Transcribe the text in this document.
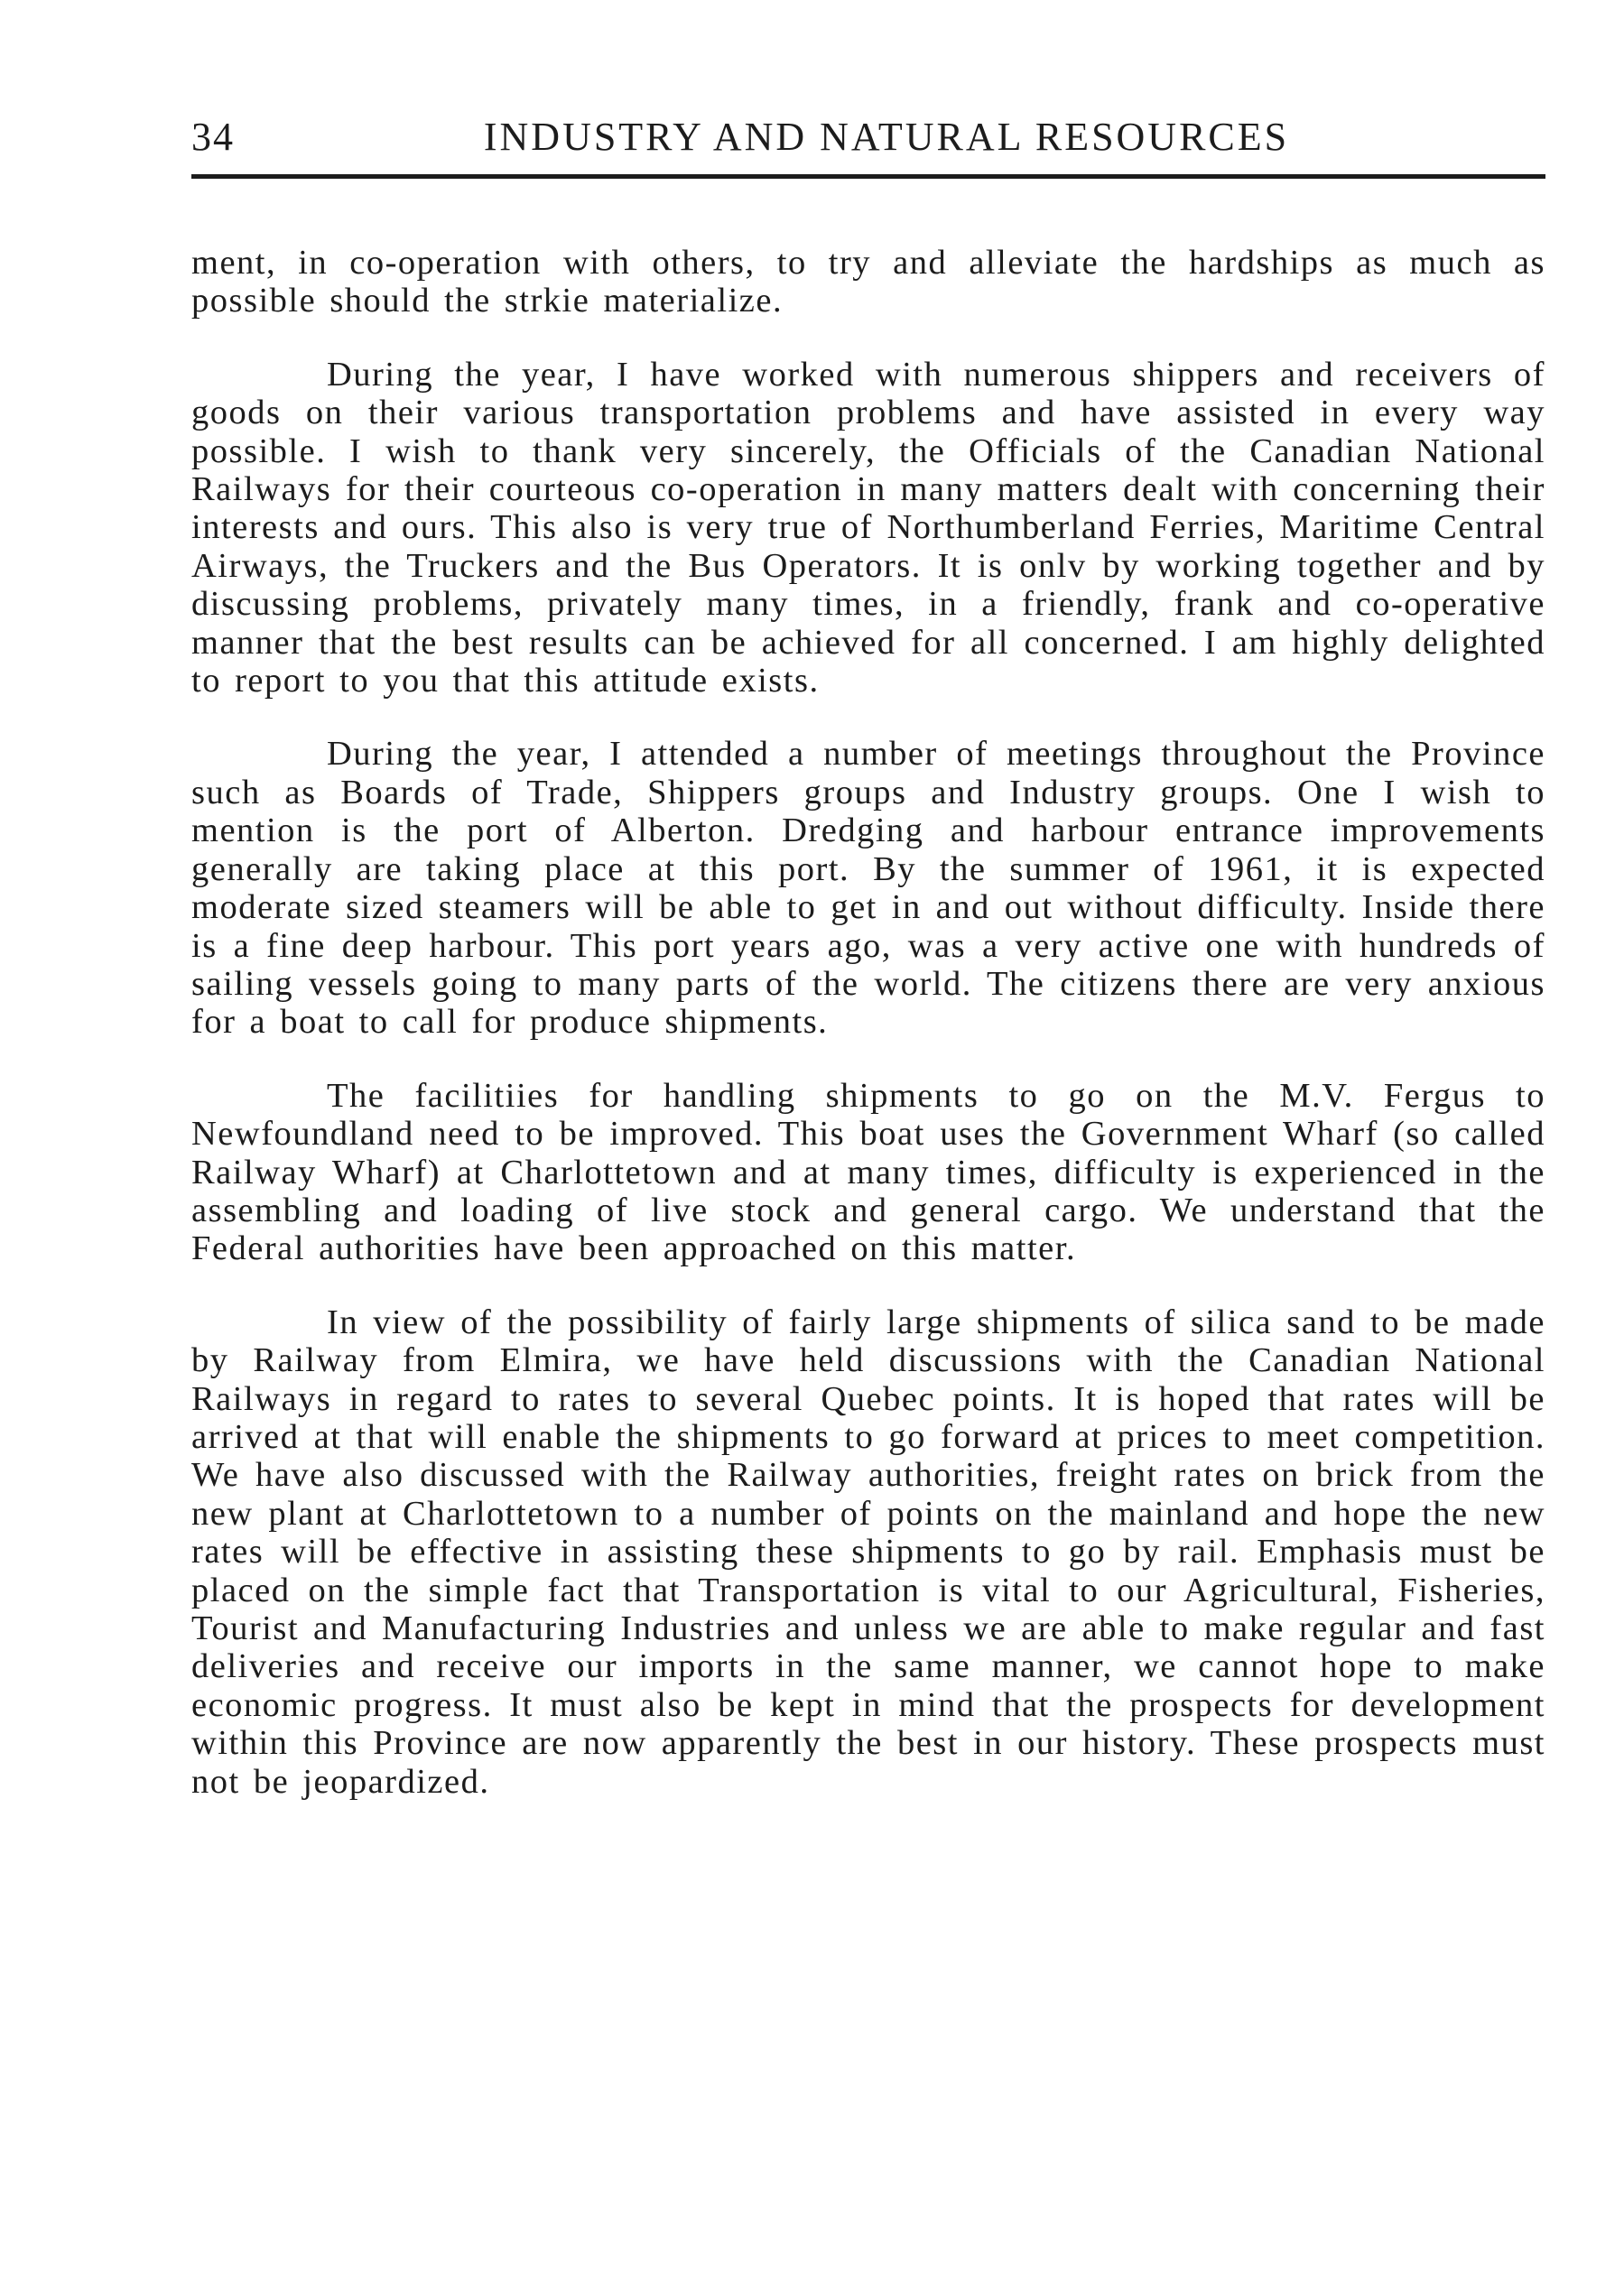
34	INDUSTRY AND NATURAL RESOURCES

ment, in co-operation with others, to try and alleviate the hardships as much as possible should the strkie materialize.

During the year, I have worked with numerous shippers and receivers of goods on their various transportation problems and have assisted in every way possible. I wish to thank very sincerely, the Officials of the Canadian National Railways for their courteous co-operation in many matters dealt with concerning their interests and ours. This also is very true of Northumberland Ferries, Maritime Central Airways, the Truckers and the Bus Operators. It is onlv by working together and by discussing problems, privately many times, in a friendly, frank and co-operative manner that the best results can be achieved for all concerned. I am highly delighted to report to you that this attitude exists.

During the year, I attended a number of meetings throughout the Province such as Boards of Trade, Shippers groups and Industry groups. One I wish to mention is the port of Alberton. Dredging and harbour entrance improvements generally are taking place at this port. By the summer of 1961, it is expected moderate sized steamers will be able to get in and out without difficulty. Inside there is a fine deep harbour. This port years ago, was a very active one with hundreds of sailing vessels going to many parts of the world. The citizens there are very anxious for a boat to call for produce shipments.

The facilitiies for handling shipments to go on the M.V. Fergus to Newfoundland need to be improved. This boat uses the Government Wharf (so called Railway Wharf) at Charlottetown and at many times, difficulty is experienced in the assembling and loading of live stock and general cargo. We understand that the Federal authorities have been approached on this matter.

In view of the possibility of fairly large shipments of silica sand to be made by Railway from Elmira, we have held discussions with the Canadian National Railways in regard to rates to several Quebec points. It is hoped that rates will be arrived at that will enable the shipments to go forward at prices to meet competition. We have also discussed with the Railway authorities, freight rates on brick from the new plant at Charlottetown to a number of points on the mainland and hope the new rates will be effective in assisting these shipments to go by rail. Emphasis must be placed on the simple fact that Transportation is vital to our Agricultural, Fisheries, Tourist and Manufacturing Industries and unless we are able to make regular and fast deliveries and receive our imports in the same manner, we cannot hope to make economic progress. It must also be kept in mind that the prospects for development within this Province are now apparently the best in our history. These prospects must not be jeopardized.
